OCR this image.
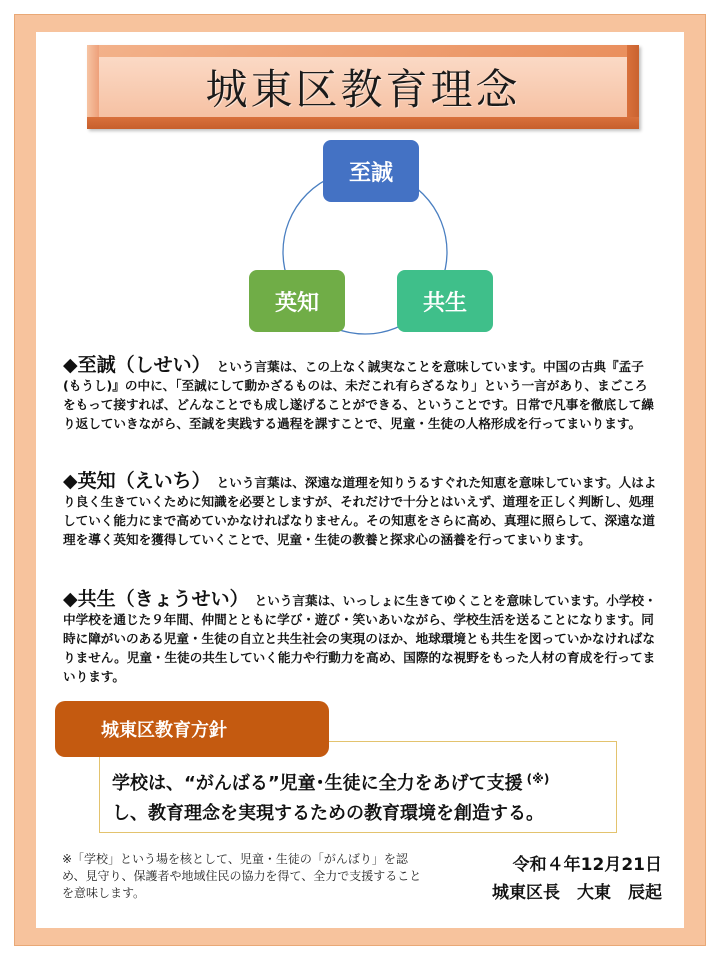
城東区教育理念
至誠
共生
英知
◆至誠（しせい） という言葉は、この上なく誠実なことを意味しています。中国の古典『孟子(もうし)』の中に、「至誠にして動かざるものは、未だこれ有らざるなり」という一言があり、まごころをもって接すれば、どんなことでも成し遂げることができる、ということです。日常で凡事を徹底して繰り返していきながら、至誠を実践する過程を課すことで、児童・生徒の人格形成を行ってまいります。
◆英知（えいち） という言葉は、深遠な道理を知りうるすぐれた知恵を意味しています。人はより良く生きていくために知識を必要としますが、それだけで十分とはいえず、道理を正しく判断し、処理していく能力にまで高めていかなければなりません。その知恵をさらに高め、真理に照らして、深遠な道理を導く英知を獲得していくことで、児童・生徒の教養と探求心の涵養を行ってまいります。
◆共生（きょうせい） という言葉は、いっしょに生きてゆくことを意味しています。小学校・中学校を通じた９年間、仲間とともに学び・遊び・笑いあいながら、学校生活を送ることになります。同時に障がいのある児童・生徒の自立と共生社会の実現のほか、地球環境とも共生を図っていかなければなりません。児童・生徒の共生していく能力や行動力を高め、国際的な視野をもった人材の育成を行ってまいります。
城東区教育方針
学校は、“がんばる”児童･生徒に全力をあげて支援 (※)
し、教育理念を実現するための教育環境を創造する。
※「学校」という場を核として、児童・生徒の「がんばり」を認め、見守り、保護者や地域住民の協力を得て、全力で支援することを意味します。
令和４年12月21日
城東区長　大東　辰起
